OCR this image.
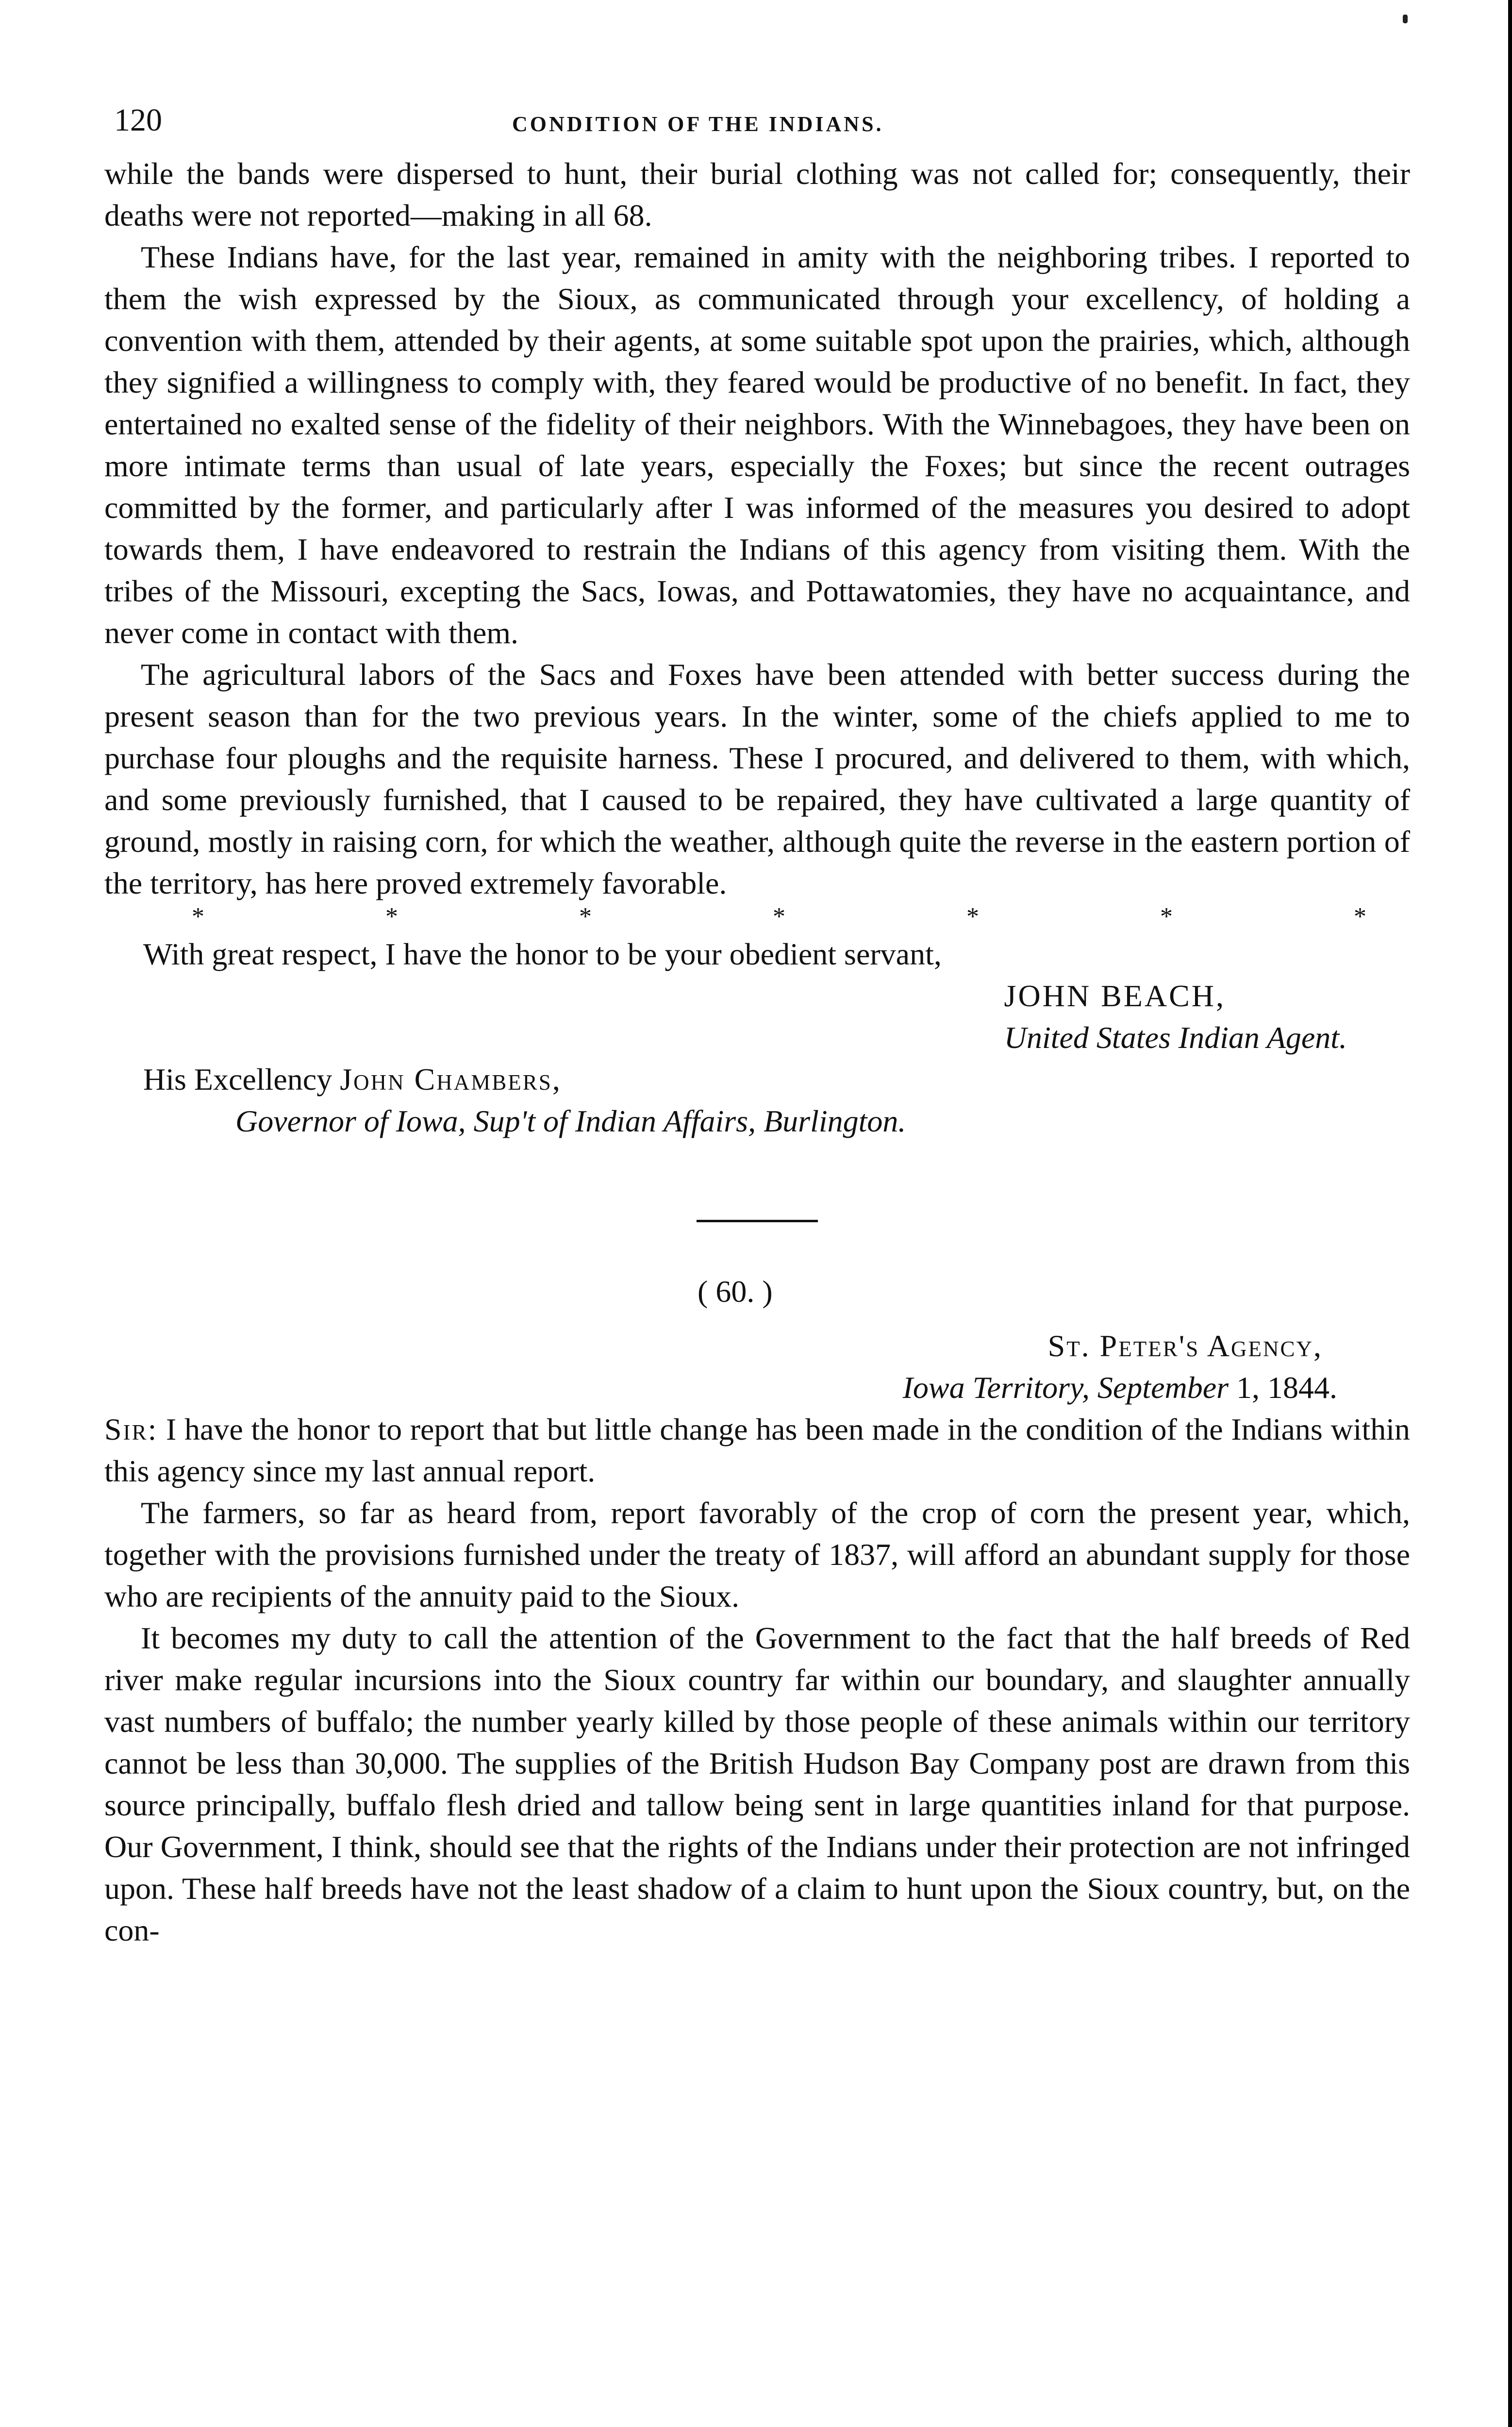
120	CONDITION OF THE INDIANS.

while the bands were dispersed to hunt, their burial clothing was not called for; consequently, their deaths were not reported—making in all 68.

These Indians have, for the last year, remained in amity with the neighboring tribes. I reported to them the wish expressed by the Sioux, as communicated through your excellency, of holding a convention with them, attended by their agents, at some suitable spot upon the prairies, which, although they signified a willingness to comply with, they feared would be productive of no benefit. In fact, they entertained no exalted sense of the fidelity of their neighbors. With the Winnebagoes, they have been on more intimate terms than usual of late years, especially the Foxes; but since the recent outrages committed by the former, and particularly after I was informed of the measures you desired to adopt towards them, I have endeavored to restrain the Indians of this agency from visiting them. With the tribes of the Missouri, excepting the Sacs, Iowas, and Pottawatomies, they have no acquaintance, and never come in contact with them.

The agricultural labors of the Sacs and Foxes have been attended with better success during the present season than for the two previous years. In the winter, some of the chiefs applied to me to purchase four ploughs and the requisite harness. These I procured, and delivered to them, with which, and some previously furnished, that I caused to be repaired, they have cultivated a large quantity of ground, mostly in raising corn, for which the weather, although quite the reverse in the eastern portion of the territory, has here proved extremely favorable.

*	*	*	*	*	*	*
With great respect, I have the honor to be your obedient servant,
JOHN BEACH,
United States Indian Agent.
His Excellency John Chambers,
Governor of Iowa, Sup't of Indian Affairs, Burlington.
( 60. )
St. Peter's Agency,
Iowa Territory, September 1, 1844.

Sir: I have the honor to report that but little change has been made in the condition of the Indians within this agency since my last annual report.

The farmers, so far as heard from, report favorably of the crop of corn the present year, which, together with the provisions furnished under the treaty of 1837, will afford an abundant supply for those who are recipients of the annuity paid to the Sioux.

It becomes my duty to call the attention of the Government to the fact that the half breeds of Red river make regular incursions into the Sioux country far within our boundary, and slaughter annually vast numbers of buffalo; the number yearly killed by those people of these animals within our territory cannot be less than 30,000. The supplies of the British Hudson Bay Company post are drawn from this source principally, buffalo flesh dried and tallow being sent in large quantities inland for that purpose. Our Government, I think, should see that the rights of the Indians under their protection are not infringed upon. These half breeds have not the least shadow of a claim to hunt upon the Sioux country, but, on the con-
